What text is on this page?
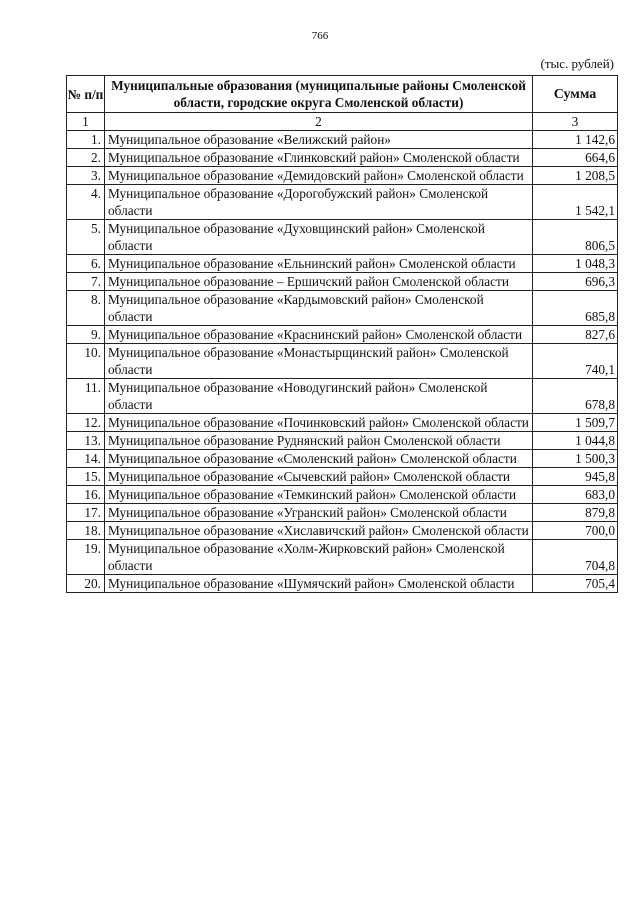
766
(тыс. рублей)
№ п/п	Муниципальные образования (муниципальные районы Смоленской области, городские округа Смоленской области)	Сумма
1	2	3
1.	Муниципальное образование «Велижский район»	1 142,6
2.	Муниципальное образование «Глинковский район» Смоленской области	664,6
3.	Муниципальное образование «Демидовский район» Смоленской области	1 208,5
4.	Муниципальное образование «Дорогобужский район» Смоленской области	1 542,1
5.	Муниципальное образование «Духовщинский район» Смоленской области	806,5
6.	Муниципальное образование «Ельнинский район» Смоленской области	1 048,3
7.	Муниципальное образование – Ершичский район Смоленской области	696,3
8.	Муниципальное образование «Кардымовский район» Смоленской области	685,8
9.	Муниципальное образование «Краснинский район» Смоленской области	827,6
10.	Муниципальное образование «Монастырщинский район» Смоленской области	740,1
11.	Муниципальное образование «Новодугинский район» Смоленской области	678,8
12.	Муниципальное образование «Починковский район» Смоленской области	1 509,7
13.	Муниципальное образование Руднянский район Смоленской области	1 044,8
14.	Муниципальное образование «Смоленский район» Смоленской области	1 500,3
15.	Муниципальное образование «Сычевский район» Смоленской области	945,8
16.	Муниципальное образование «Темкинский район» Смоленской области	683,0
17.	Муниципальное образование «Угранский район» Смоленской области	879,8
18.	Муниципальное образование «Хиславичский район» Смоленской области	700,0
19.	Муниципальное образование «Холм-Жирковский район» Смоленской области	704,8
20.	Муниципальное образование «Шумячский район» Смоленской области	705,4
